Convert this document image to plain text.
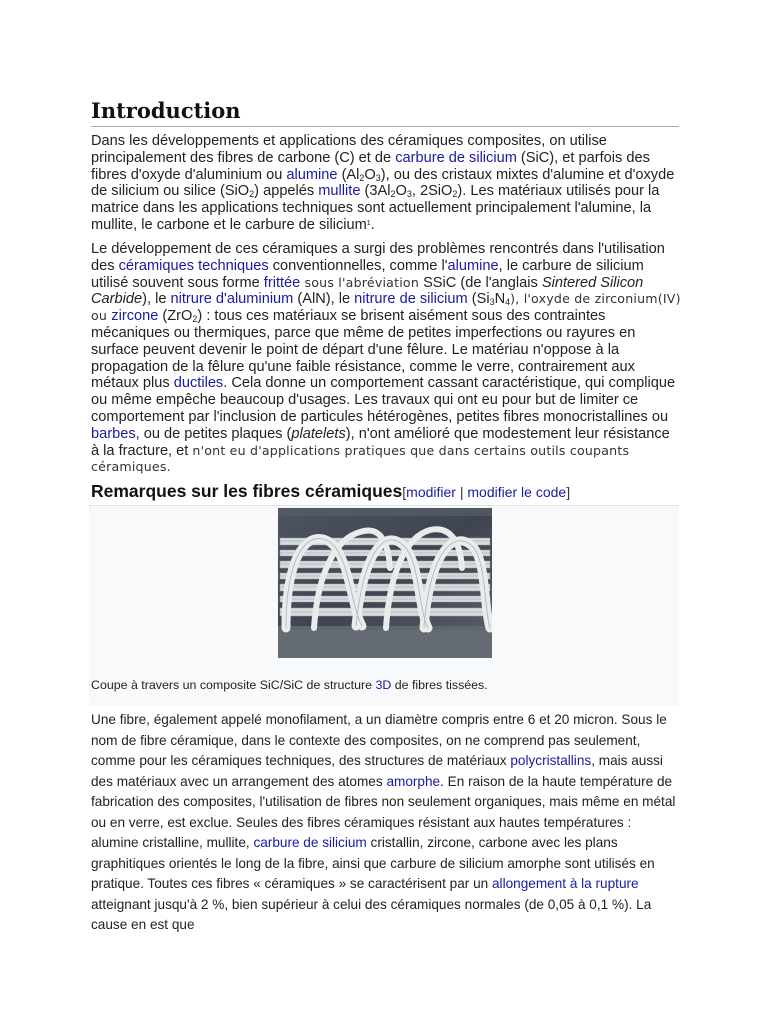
Introduction

Dans les développements et applications des céramiques composites, on utilise principalement des fibres de carbone (C) et de carbure de silicium (SiC), et parfois des fibres d'oxyde d'aluminium ou alumine $(Al_2O_3)$, ou des cristaux mixtes d'alumine et d'oxyde de silicium ou silice (SiO$_2$) appelés mullite ($3Al_2O_3$, 2SiO$_2$). Les matériaux utilisés pour la matrice dans les applications techniques sont actuellement principalement l'alumine, la mullite, le carbone et le carbure de silicium$^1$.

Le développement de ces céramiques a surgi des problèmes rencontrés dans l'utilisation des céramiques techniques conventionnelles, comme l'alumine, le carbure de silicium utilisé souvent sous forme frittée sous l'abréviation SSiC (de l'anglais Sintered Silicon Carbide), le nitrure d'aluminium (AlN), le nitrure de silicium $(Si_3N_4)$, l'oxyde de zirconium(IV) ou zircone (ZrO$_2$) : tous ces matériaux se brisent aisément sous des contraintes mécaniques ou thermiques, parce que même de petites imperfections ou rayures en surface peuvent devenir le point de départ d'une fêlure. Le matériau n'oppose à la propagation de la fêlure qu'une faible résistance, comme le verre, contrairement aux métaux plus ductiles. Cela donne un comportement cassant caractéristique, qui complique ou même empêche beaucoup d'usages. Les travaux qui ont eu pour but de limiter ce comportement par l'inclusion de particules hétérogènes, petites fibres monocristallines ou barbes, ou de petites plaques (platelets), n'ont amélioré que modestement leur résistance à la fracture, et n'ont eu d'applications pratiques que dans certains outils coupants céramiques.

Remarques sur les fibres céramiques[modifier | modifier le code]

Coupe à travers un composite SiC/SiC de structure 3D de fibres tissées.

Une fibre, également appelé monofilament, a un diamètre compris entre 6 et 20 micron. Sous le nom de fibre céramique, dans le contexte des composites, on ne comprend pas seulement, comme pour les céramiques techniques, des structures de matériaux polycristallins, mais aussi des matériaux avec un arrangement des atomes amorphe. En raison de la haute température de fabrication des composites, l'utilisation de fibres non seulement organiques, mais même en métal ou en verre, est exclue. Seules des fibres céramiques résistant aux hautes températures : alumine cristalline, mullite, carbure de silicium cristallin, zircone, carbone avec les plans graphitiques orientés le long de la fibre, ainsi que carbure de silicium amorphe sont utilisés en pratique. Toutes ces fibres « céramiques » se caractérisent par un allongement à la rupture atteignant jusqu'à 2 %, bien supérieur à celui des céramiques normales (de 0,05 à 0,1 %). La cause en est que
